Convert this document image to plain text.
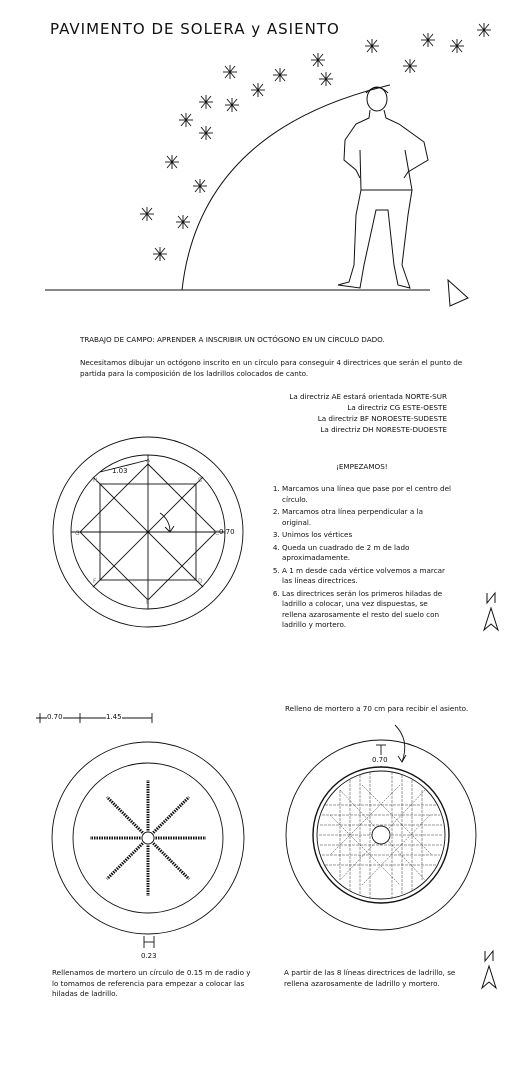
PAVIMENTO DE SOLERA y ASIENTO
A
B
C
D
E
F
G
H
1.03
0.70
0.70	1.45
0.23
0.70
TRABAJO DE CAMPO: APRENDER A INSCRIBIR UN OCTÓGONO EN UN CÍRCULO DADO.
Necesitamos dibujar un octógono inscrito en un círculo para conseguir 4 directrices que serán el punto de partida para la composición de los ladrillos colocados de canto.
La directriz AE estará orientada NORTE-SUR
La directriz CG ESTE-OESTE
La directriz BF NOROESTE-SUDESTE
La directriz DH NORESTE-DUOESTE
¡EMPEZAMOS!
1. Marcamos una línea que pase por el centro del círculo.
2. Marcamos otra línea perpendicular a la original.
3. Unimos los vértices
4. Queda un cuadrado de 2 m de lado aproximadamente.
5. A 1 m desde cada vértice volvemos a marcar las líneas directrices.
6. Las directrices serán los primeros hiladas de ladrillo a colocar, una vez dispuestas, se rellena azarosamente el resto del suelo con ladrillo y mortero.
Relleno de mortero a 70 cm para recibir el asiento.
Rellenamos de mortero un círculo de 0.15 m de radio y lo tomamos de referencia para empezar a colocar las hiladas de ladrillo.
A partir de las 8 líneas directrices de ladrillo, se rellena azarosamente de ladrillo y mortero.
